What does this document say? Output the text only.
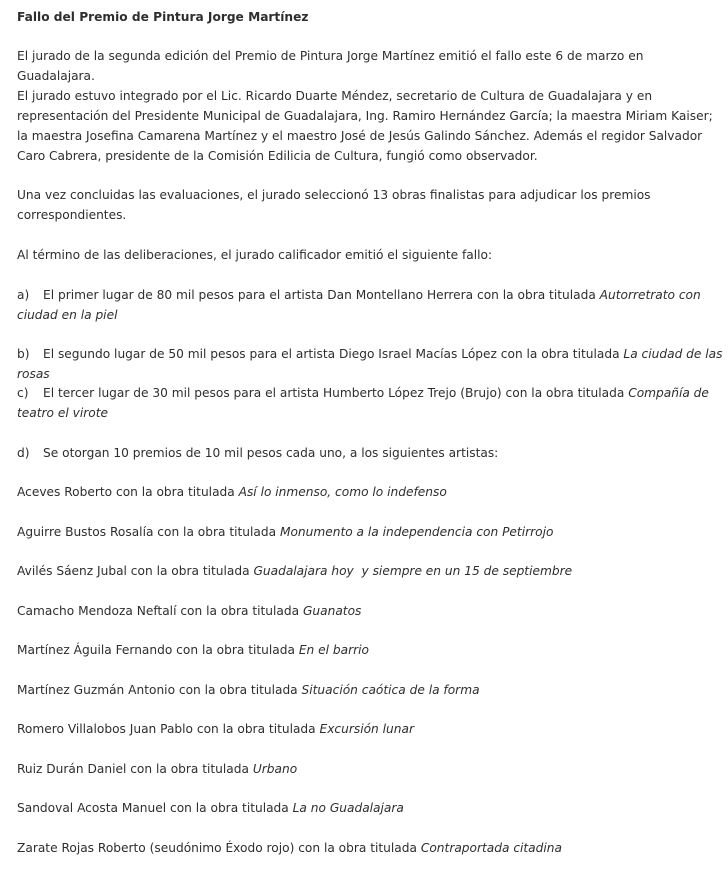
Fallo del Premio de Pintura Jorge Martínez

El jurado de la segunda edición del Premio de Pintura Jorge Martínez emitió el fallo este 6 de marzo en Guadalajara.

El jurado estuvo integrado por el Lic. Ricardo Duarte Méndez, secretario de Cultura de Guadalajara y en representación del Presidente Municipal de Guadalajara, Ing. Ramiro Hernández García; la maestra Miriam Kaiser; la maestra Josefina Camarena Martínez y el maestro José de Jesús Galindo Sánchez. Además el regidor Salvador Caro Cabrera, presidente de la Comisión Edilicia de Cultura, fungió como observador.

Una vez concluidas las evaluaciones, el jurado seleccionó 13 obras finalistas para adjudicar los premios correspondientes.

Al término de las deliberaciones, el jurado calificador emitió el siguiente fallo:

a) El primer lugar de 80 mil pesos para el artista Dan Montellano Herrera con la obra titulada Autorretrato con ciudad en la piel

b) El segundo lugar de 50 mil pesos para el artista Diego Israel Macías López con la obra titulada La ciudad de las rosas

c) El tercer lugar de 30 mil pesos para el artista Humberto López Trejo (Brujo) con la obra titulada Compañía de teatro el virote

d) Se otorgan 10 premios de 10 mil pesos cada uno, a los siguientes artistas:

Aceves Roberto con la obra titulada Así lo inmenso, como lo indefenso

Aguirre Bustos Rosalía con la obra titulada Monumento a la independencia con Petirrojo

Avilés Sáenz Jubal con la obra titulada Guadalajara hoy  y siempre en un 15 de septiembre

Camacho Mendoza Neftalí con la obra titulada Guanatos

Martínez Águila Fernando con la obra titulada En el barrio

Martínez Guzmán Antonio con la obra titulada Situación caótica de la forma

Romero Villalobos Juan Pablo con la obra titulada Excursión lunar

Ruiz Durán Daniel con la obra titulada Urbano

Sandoval Acosta Manuel con la obra titulada La no Guadalajara

Zarate Rojas Roberto (seudónimo Éxodo rojo) con la obra titulada Contraportada citadina
